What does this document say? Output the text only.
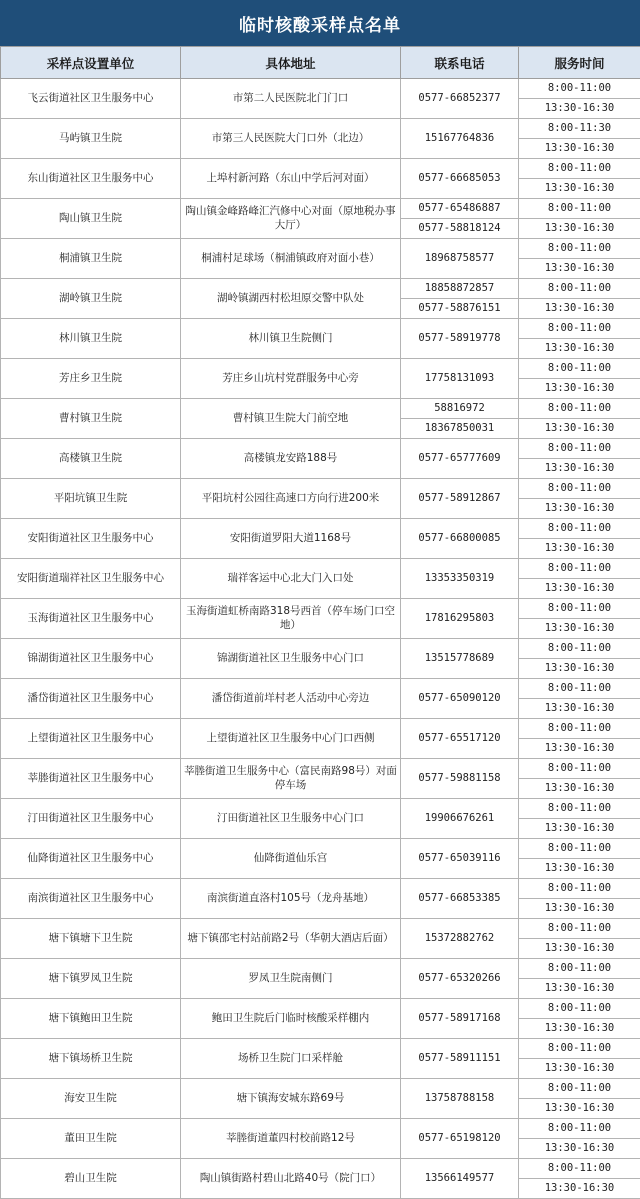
临时核酸采样点名单
采样点设置单位	具体地址	联系电话	服务时间
飞云街道社区卫生服务中心	市第二人民医院北门门口	0577-66852377	8:00-11:00
			13:30-16:30
马屿镇卫生院	市第三人民医院大门口外（北边）	15167764836	8:00-11:30
			13:30-16:30
东山街道社区卫生服务中心	上埠村新河路（东山中学后河对面）	0577-66685053	8:00-11:00
			13:30-16:30
陶山镇卫生院	陶山镇金峰路峰汇汽修中心对面（原地税办事大厅）	0577-65486887	8:00-11:00
		0577-58818124	13:30-16:30
桐浦镇卫生院	桐浦村足球场（桐浦镇政府对面小巷）	18968758577	8:00-11:00
			13:30-16:30
湖岭镇卫生院	湖岭镇湖西村松坦原交警中队处	18858872857	8:00-11:00
		0577-58876151	13:30-16:30
林川镇卫生院	林川镇卫生院侧门	0577-58919778	8:00-11:00
			13:30-16:30
芳庄乡卫生院	芳庄乡山坑村党群服务中心旁	17758131093	8:00-11:00
			13:30-16:30
曹村镇卫生院	曹村镇卫生院大门前空地	58816972	8:00-11:00
		18367850031	13:30-16:30
高楼镇卫生院	高楼镇龙安路188号	0577-65777609	8:00-11:00
			13:30-16:30
平阳坑镇卫生院	平阳坑村公园往高速口方向行进200米	0577-58912867	8:00-11:00
			13:30-16:30
安阳街道社区卫生服务中心	安阳街道罗阳大道1168号	0577-66800085	8:00-11:00
			13:30-16:30
安阳街道瑞祥社区卫生服务中心	瑞祥客运中心北大门入口处	13353350319	8:00-11:00
			13:30-16:30
玉海街道社区卫生服务中心	玉海街道虹桥南路318号西首（停车场门口空地）	17816295803	8:00-11:00
			13:30-16:30
锦湖街道社区卫生服务中心	锦湖街道社区卫生服务中心门口	13515778689	8:00-11:00
			13:30-16:30
潘岱街道社区卫生服务中心	潘岱街道前垟村老人活动中心旁边	0577-65090120	8:00-11:00
			13:30-16:30
上望街道社区卫生服务中心	上望街道社区卫生服务中心门口西侧	0577-65517120	8:00-11:00
			13:30-16:30
莘塍街道社区卫生服务中心	莘塍街道卫生服务中心（富民南路98号）对面停车场	0577-59881158	8:00-11:00
			13:30-16:30
汀田街道社区卫生服务中心	汀田街道社区卫生服务中心门口	19906676261	8:00-11:00
			13:30-16:30
仙降街道社区卫生服务中心	仙降街道仙乐宫	0577-65039116	8:00-11:00
			13:30-16:30
南滨街道社区卫生服务中心	南滨街道直洛村105号（龙舟基地）	0577-66853385	8:00-11:00
			13:30-16:30
塘下镇塘下卫生院	塘下镇邵宅村站前路2号（华朝大酒店后面）	15372882762	8:00-11:00
			13:30-16:30
塘下镇罗凤卫生院	罗凤卫生院南侧门	0577-65320266	8:00-11:00
			13:30-16:30
塘下镇鲍田卫生院	鲍田卫生院后门临时核酸采样棚内	0577-58917168	8:00-11:00
			13:30-16:30
塘下镇场桥卫生院	场桥卫生院门口采样舱	0577-58911151	8:00-11:00
			13:30-16:30
海安卫生院	塘下镇海安城东路69号	13758788158	8:00-11:00
			13:30-16:30
董田卫生院	莘塍街道董四村校前路12号	0577-65198120	8:00-11:00
			13:30-16:30
碧山卫生院	陶山镇街路村碧山北路40号（院门口）	13566149577	8:00-11:00
			13:30-16:30
